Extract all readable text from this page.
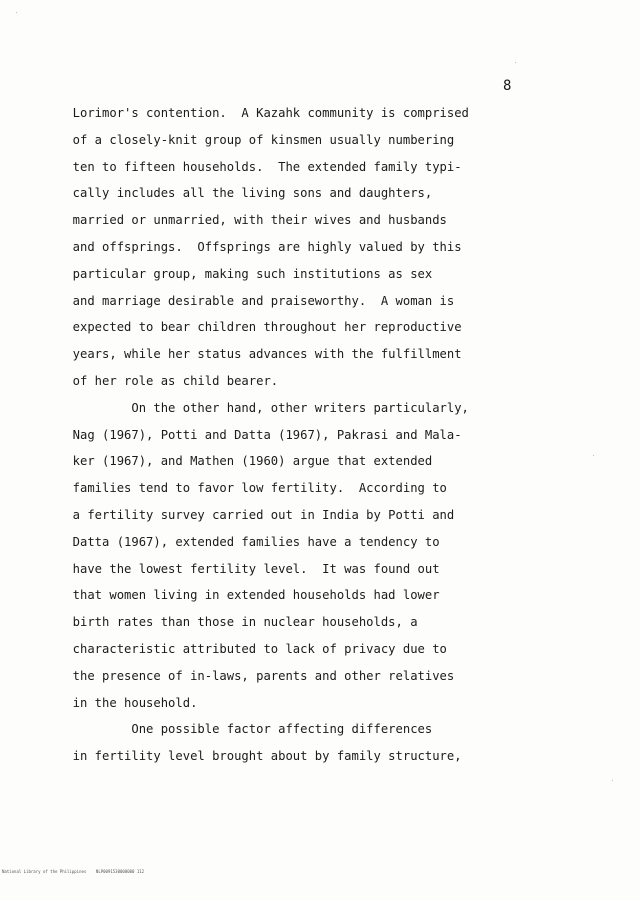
8

Lorimor's contention.  A Kazahk community is comprised
of a closely-knit group of kinsmen usually numbering
ten to fifteen households.  The extended family typi-
cally includes all the living sons and daughters,
married or unmarried, with their wives and husbands
and offsprings.  Offsprings are highly valued by this
particular group, making such institutions as sex
and marriage desirable and praiseworthy.  A woman is
expected to bear children throughout her reproductive
years, while her status advances with the fulfillment
of her role as child bearer.
On the other hand, other writers particularly,
Nag (1967), Potti and Datta (1967), Pakrasi and Mala-
ker (1967), and Mathen (1960) argue that extended
families tend to favor low fertility.  According to
a fertility survey carried out in India by Potti and
Datta (1967), extended families have a tendency to
have the lowest fertility level.  It was found out
that women living in extended households had lower
birth rates than those in nuclear households, a
characteristic attributed to lack of privacy due to
the presence of in-laws, parents and other relatives
in the household.
One possible factor affecting differences
in fertility level brought about by family structure,
National Library of the Philippines    NLP0091530000000 112
